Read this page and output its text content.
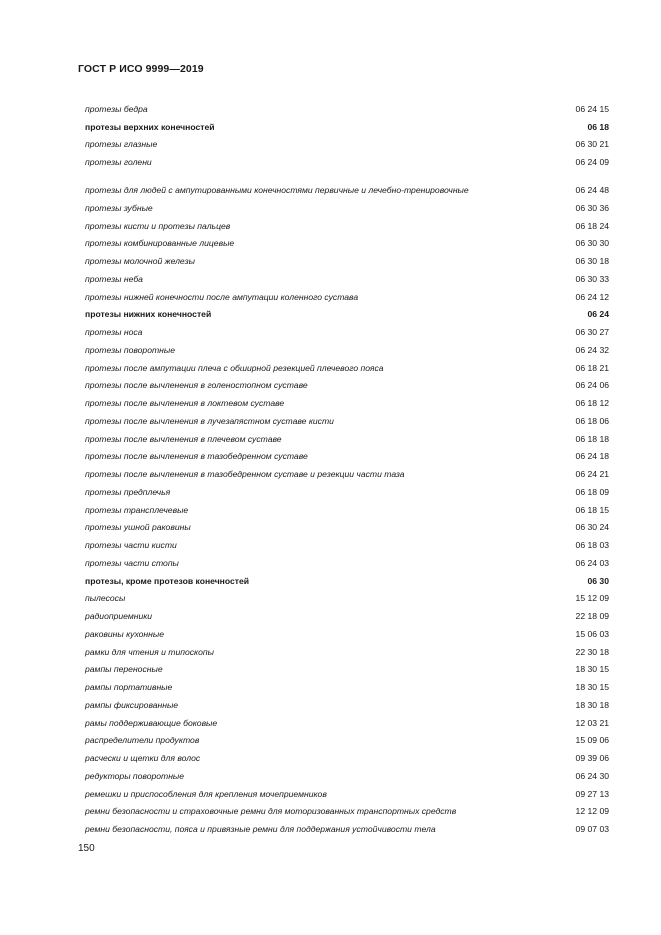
ГОСТ Р ИСО 9999—2019
протезы бедра	06 24 15
протезы верхних конечностей	06 18
протезы глазные	06 30 21
протезы голени	06 24 09
протезы для людей с ампутированными конечностями первичные и лечебно-тренировочные	06 24 48
протезы зубные	06 30 36
протезы кисти и протезы пальцев	06 18 24
протезы комбинированные лицевые	06 30 30
протезы молочной железы	06 30 18
протезы неба	06 30 33
протезы нижней конечности после ампутации коленного сустава	06 24 12
протезы нижних конечностей	06 24
протезы носа	06 30 27
протезы поворотные	06 24 32
протезы после ампутации плеча с обширной резекцией плечевого пояса	06 18 21
протезы после вычленения в голеностопном суставе	06 24 06
протезы после вычленения в локтевом суставе	06 18 12
протезы после вычленения в лучезапястном суставе кисти	06 18 06
протезы после вычленения в плечевом суставе	06 18 18
протезы после вычленения в тазобедренном суставе	06 24 18
протезы после вычленения в тазобедренном суставе и резекции части таза	06 24 21
протезы предплечья	06 18 09
протезы трансплечевые	06 18 15
протезы ушной раковины	06 30 24
протезы части кисти	06 18 03
протезы части стопы	06 24 03
протезы, кроме протезов конечностей	06 30
пылесосы	15 12 09
радиоприемники	22 18 09
раковины кухонные	15 06 03
рамки для чтения и типоскопы	22 30 18
рампы переносные	18 30 15
рампы портативные	18 30 15
рампы фиксированные	18 30 18
рамы поддерживающие боковые	12 03 21
распределители продуктов	15 09 06
расчески и щетки для волос	09 39 06
редукторы поворотные	06 24 30
ремешки и приспособления для крепления мочеприемников	09 27 13
ремни безопасности и страховочные ремни для моторизованных транспортных средств	12 12 09
ремни безопасности, пояса и привязные ремни для поддержания устойчивости тела	09 07 03
150
